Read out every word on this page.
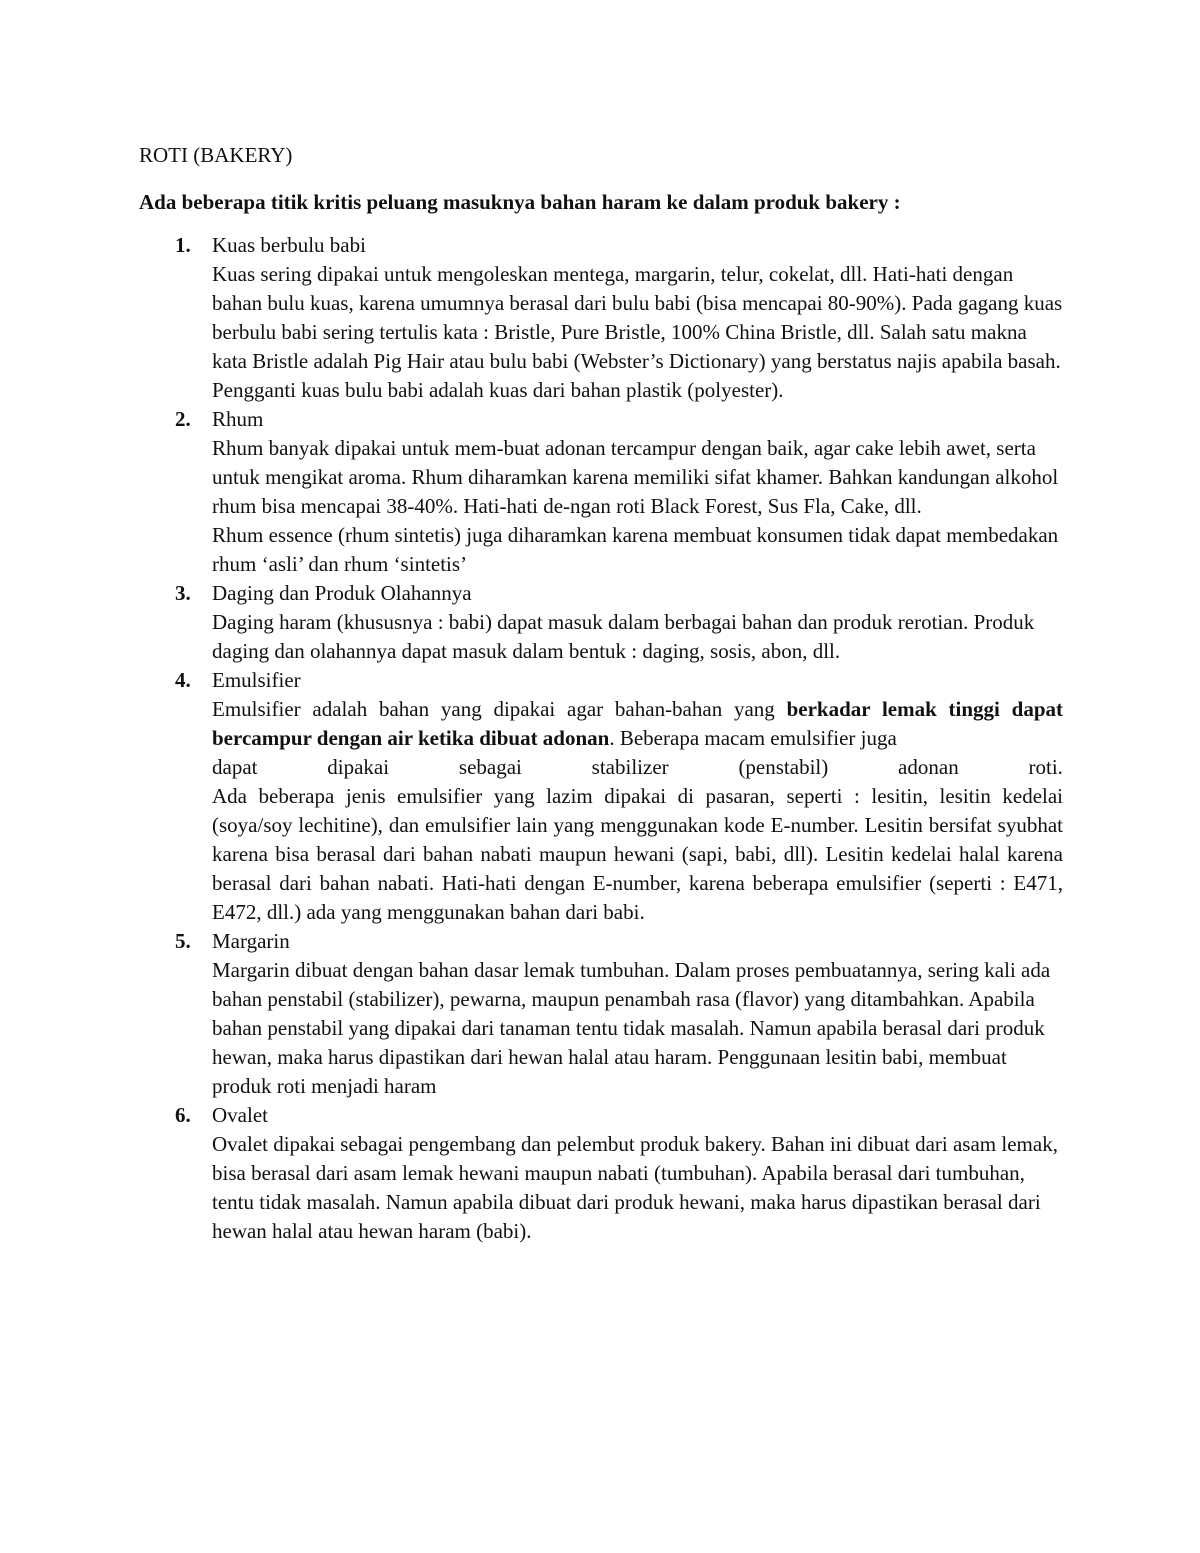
ROTI (BAKERY)
Ada beberapa titik kritis peluang masuknya bahan haram ke dalam produk bakery :
1. Kuas berbulu babi
Kuas sering dipakai untuk mengoleskan mentega, margarin, telur, cokelat, dll. Hati-hati dengan bahan bulu kuas, karena umumnya berasal dari bulu babi (bisa mencapai 80-90%). Pada gagang kuas berbulu babi sering tertulis kata : Bristle, Pure Bristle, 100% China Bristle, dll. Salah satu makna kata Bristle adalah Pig Hair atau bulu babi (Webster’s Dictionary) yang berstatus najis apabila basah. Pengganti kuas bulu babi adalah kuas dari bahan plastik (polyester).
2. Rhum
Rhum banyak dipakai untuk mem-buat adonan tercampur dengan baik, agar cake lebih awet, serta untuk mengikat aroma. Rhum diharamkan karena memiliki sifat khamer. Bahkan kandungan alkohol rhum bisa mencapai 38-40%. Hati-hati de-ngan roti Black Forest, Sus Fla, Cake, dll.
Rhum essence (rhum sintetis) juga diharamkan karena membuat konsumen tidak dapat membedakan rhum ‘asli’ dan rhum ‘sintetis’
3. Daging dan Produk Olahannya
Daging haram (khususnya : babi) dapat masuk dalam berbagai bahan dan produk rerotian. Produk daging dan olahannya dapat masuk dalam bentuk : daging, sosis, abon, dll.
4. Emulsifier
Emulsifier adalah bahan yang dipakai agar bahan-bahan yang berkadar lemak tinggi dapat bercampur dengan air ketika dibuat adonan. Beberapa macam emulsifier juga
dapat	dipakai	sebagai	stabilizer	(penstabil)	adonan	roti.
Ada beberapa jenis emulsifier yang lazim dipakai di pasaran, seperti : lesitin, lesitin kedelai (soya/soy lechitine), dan emulsifier lain yang menggunakan kode E-number. Lesitin bersifat syubhat karena bisa berasal dari bahan nabati maupun hewani (sapi, babi, dll). Lesitin kedelai halal karena berasal dari bahan nabati. Hati-hati dengan E-number, karena beberapa emulsifier (seperti : E471, E472, dll.) ada yang menggunakan bahan dari babi.
5. Margarin
Margarin dibuat dengan bahan dasar lemak tumbuhan. Dalam proses pembuatannya, sering kali ada bahan penstabil (stabilizer), pewarna, maupun penambah rasa (flavor) yang ditambahkan. Apabila bahan penstabil yang dipakai dari tanaman tentu tidak masalah. Namun apabila berasal dari produk hewan, maka harus dipastikan dari hewan halal atau haram. Penggunaan lesitin babi, membuat produk roti menjadi haram
6. Ovalet
Ovalet dipakai sebagai pengembang dan pelembut produk bakery. Bahan ini dibuat dari asam lemak, bisa berasal dari asam lemak hewani maupun nabati (tumbuhan). Apabila berasal dari tumbuhan, tentu tidak masalah. Namun apabila dibuat dari produk hewani, maka harus dipastikan berasal dari hewan halal atau hewan haram (babi).
